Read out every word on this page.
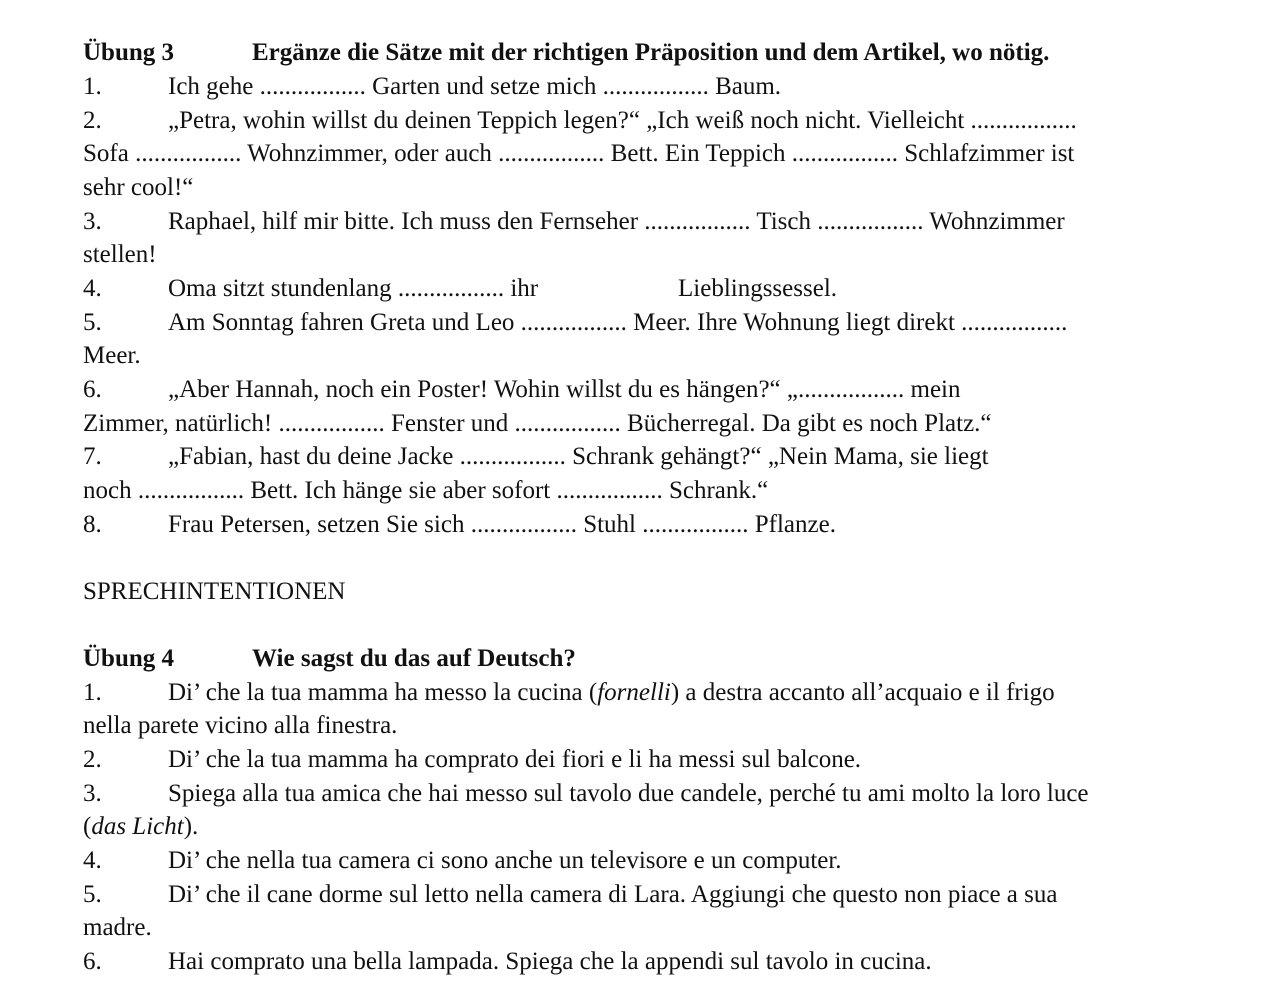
Übung 3	Ergänze die Sätze mit der richtigen Präposition und dem Artikel, wo nötig.
1.	Ich gehe ................. Garten und setze mich ................. Baum.
2.	„Petra, wohin willst du deinen Teppich legen?“ „Ich weiß noch nicht. Vielleicht .................
Sofa ................. Wohnzimmer, oder auch ................. Bett. Ein Teppich ................. Schlafzimmer ist
sehr cool!“
3.	Raphael, hilf mir bitte. Ich muss den Fernseher ................. Tisch ................. Wohnzimmer
stellen!
4.	Oma sitzt stundenlang ................. ihr	Lieblingssessel.
5.	Am Sonntag fahren Greta und Leo ................. Meer. Ihre Wohnung liegt direkt .................
Meer.
6.	„Aber Hannah, noch ein Poster! Wohin willst du es hängen?“ „................. mein
Zimmer, natürlich! ................. Fenster und ................. Bücherregal. Da gibt es noch Platz.“
7.	„Fabian, hast du deine Jacke ................. Schrank gehängt?“ „Nein Mama, sie liegt
noch ................. Bett. Ich hänge sie aber sofort ................. Schrank.“
8.	Frau Petersen, setzen Sie sich ................. Stuhl ................. Pflanze.
SPRECHINTENTIONEN
Übung 4	Wie sagst du das auf Deutsch?
1.	Di’ che la tua mamma ha messo la cucina (fornelli) a destra accanto all’acquaio e il frigo
nella parete vicino alla finestra.
2.	Di’ che la tua mamma ha comprato dei fiori e li ha messi sul balcone.
3.	Spiega alla tua amica che hai messo sul tavolo due candele, perché tu ami molto la loro luce
(das Licht).
4.	Di’ che nella tua camera ci sono anche un televisore e un computer.
5.	Di’ che il cane dorme sul letto nella camera di Lara. Aggiungi che questo non piace a sua
madre.
6.	Hai comprato una bella lampada. Spiega che la appendi sul tavolo in cucina.
